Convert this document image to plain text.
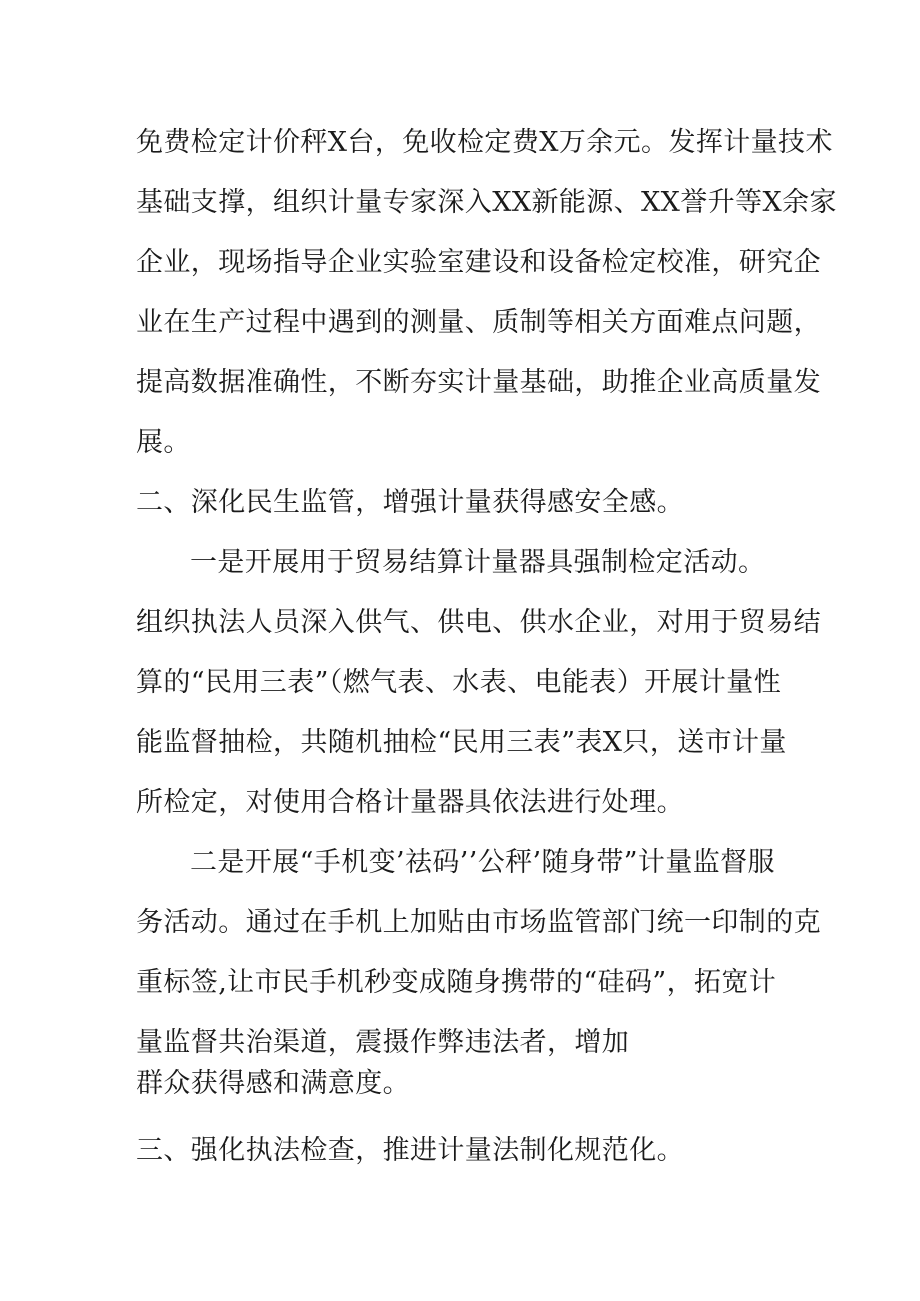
免费检定计价秤X台，免收检定费X万余元。发挥计量技术
基础支撑，组织计量专家深入XX新能源、XX誉升等X余家
企业，现场指导企业实验室建设和设备检定校准，研究企
业在生产过程中遇到的测量、质制等相关方面难点问题，
提高数据准确性，不断夯实计量基础，助推企业高质量发
展。
二、深化民生监管，增强计量获得感安全感。
一是开展用于贸易结算计量器具强制检定活动。
组织执法人员深入供气、供电、供水企业，对用于贸易结
算的“民用三表”（燃气表、水表、电能表）开展计量性
能监督抽检，共随机抽检“民用三表”表X只，送市计量
所检定，对使用合格计量器具依法进行处理。
二是开展“手机变’祛码’’公秤’随身带”计量监督服
务活动。通过在手机上加贴由市场监管部门统一印制的克
重标签,让市民手机秒变成随身携带的“硅码”，拓宽计
量监督共治渠道，震摄作弊违法者，增加
群众获得感和满意度。
三、强化执法检查，推进计量法制化规范化。
